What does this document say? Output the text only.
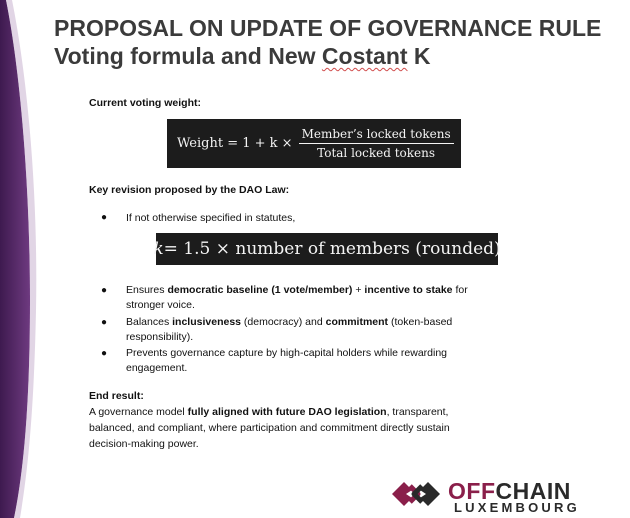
PROPOSAL ON UPDATE OF GOVERNANCE RULE
Voting formula and New Costant K
Current voting weight:
Weight = $1 + k \times \frac{\text{Member’s locked tokens}}{\text{Total locked tokens}}$
Key revision proposed by the DAO Law:
● If not otherwise specified in statutes,
k = 1.5 × number of members (rounded)
● Ensures democratic baseline (1 vote/member) + incentive to stake for
stronger voice.
● Balances inclusiveness (democracy) and commitment (token-based
responsibility).
● Prevents governance capture by high-capital holders while rewarding
engagement.
End result:
A governance model fully aligned with future DAO legislation, transparent,
balanced, and compliant, where participation and commitment directly sustain
decision-making power.
OFFCHAIN
LUXEMBOURG
